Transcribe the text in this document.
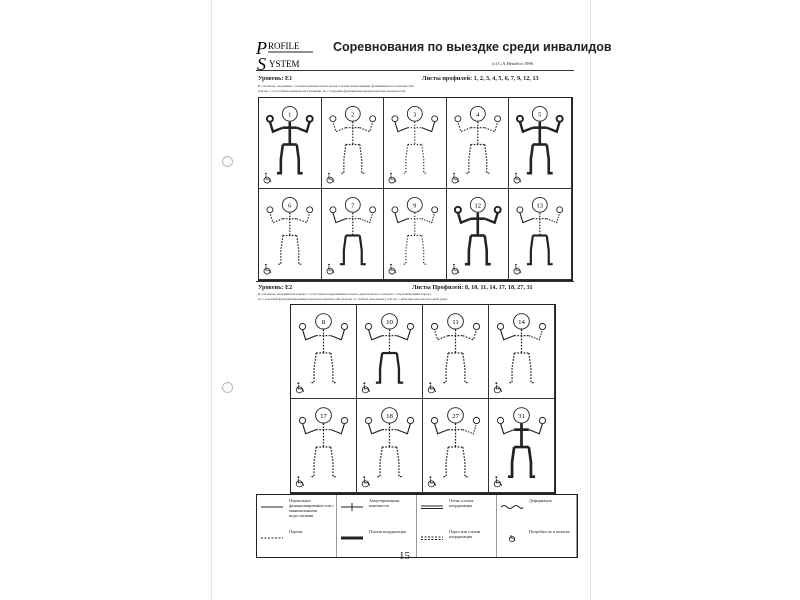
P ROFILE
S YSTEM
Соревнования по выездке среди инвалидов
(c) С.А.Некобол 1996
Уровень: Е1	Листы профилей: 1, 2, 3, 4, 5, 6, 7, 9, 12, 13
В основном, наездники с полным равновесием в корпусе и/или нормальными функциями всех конечностей,
или же с отсутствием равновесия туловища, но с хорошим функционированием верхних конечностей.
1	2	3	4	5
6	7	9	12	13
Уровень: Е2	Листы Профилей: 8, 10, 11, 14, 17, 18, 27, 31
В основном, наездники все виды с отсутствием нарушениями опорно-двигательного аппарата, затрагивающими корпус,
но с хорошим функционированием верхних конечностей (или же со слабым параличом), или же с тяжелым параличом одной руки.
8	10	11	14
17	18	27	31
Нормальное функционирование или с минимальными недостатками
Ампутированная конечность
Очень плохая координация
Деформация
Парезы	Плохая координация	Парез или плохая координация
Потребность в коляске
15
